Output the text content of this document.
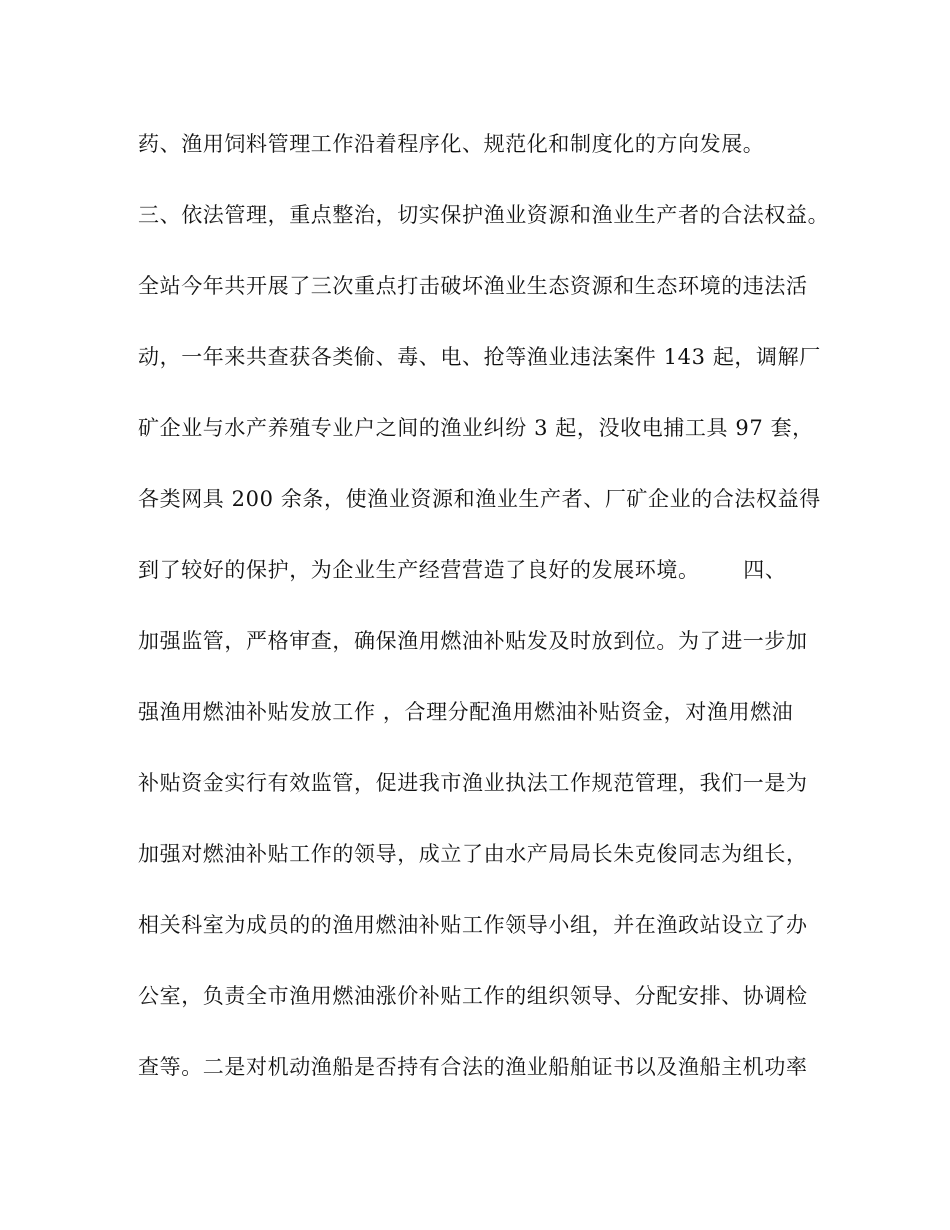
药、渔用饲料管理工作沿着程序化、规范化和制度化的方向发展。
三、依法管理，重点整治，切实保护渔业资源和渔业生产者的合法权益。
全站今年共开展了三次重点打击破坏渔业生态资源和生态环境的违法活
动，一年来共查获各类偷、毒、电、抢等渔业违法案件 143 起，调解厂
矿企业与水产养殖专业户之间的渔业纠纷 3 起，没收电捕工具 97 套，
各类网具 200 余条，使渔业资源和渔业生产者、厂矿企业的合法权益得
到了较好的保护，为企业生产经营营造了良好的发展环境。      四、
加强监管，严格审查，确保渔用燃油补贴发及时放到位。为了进一步加
强渔用燃油补贴发放工作 ，合理分配渔用燃油补贴资金，对渔用燃油
补贴资金实行有效监管，促进我市渔业执法工作规范管理，我们一是为
加强对燃油补贴工作的领导，成立了由水产局局长朱克俊同志为组长，
相关科室为成员的的渔用燃油补贴工作领导小组，并在渔政站设立了办
公室，负责全市渔用燃油涨价补贴工作的组织领导、分配安排、协调检
查等。二是对机动渔船是否持有合法的渔业船舶证书以及渔船主机功率
